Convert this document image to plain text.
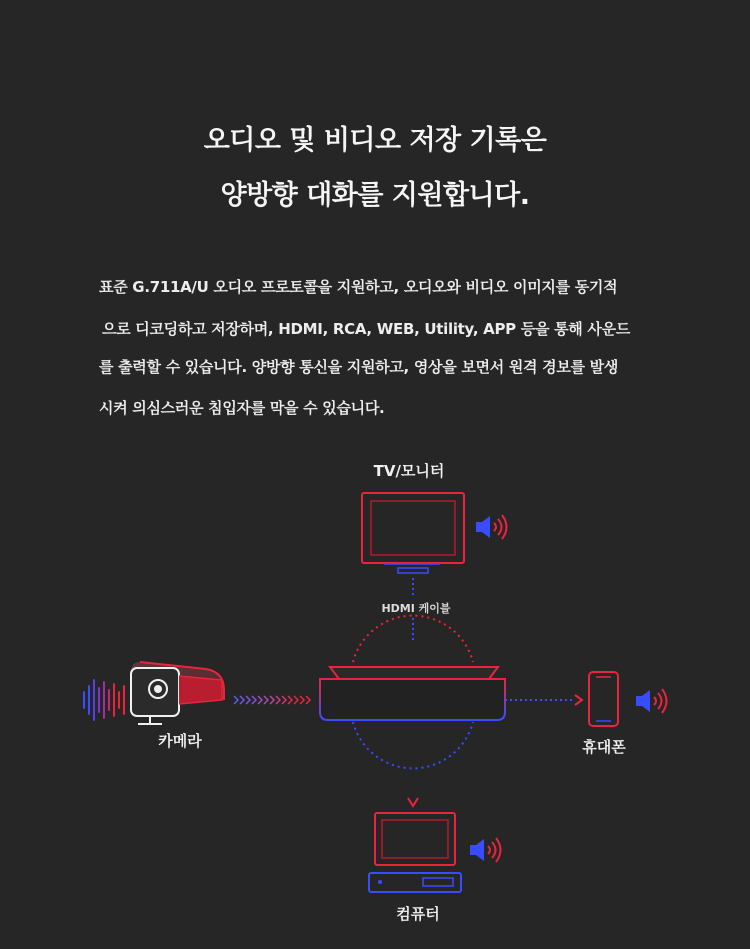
오디오 및 비디오 저장 기록은
양방향 대화를 지원합니다.
표준 G.711A/U 오디오 프로토콜을 지원하고, 오디오와 비디오 이미지를 동기적
으로 디코딩하고 저장하며, HDMI, RCA, WEB, Utility, APP 등을 통해 사운드
를 출력할 수 있습니다. 양방향 통신을 지원하고, 영상을 보면서 원격 경보를 발생
시켜 의심스러운 침입자를 막을 수 있습니다.
TV/모니터
HDMI 케이블
카메라	휴대폰
컴퓨터
